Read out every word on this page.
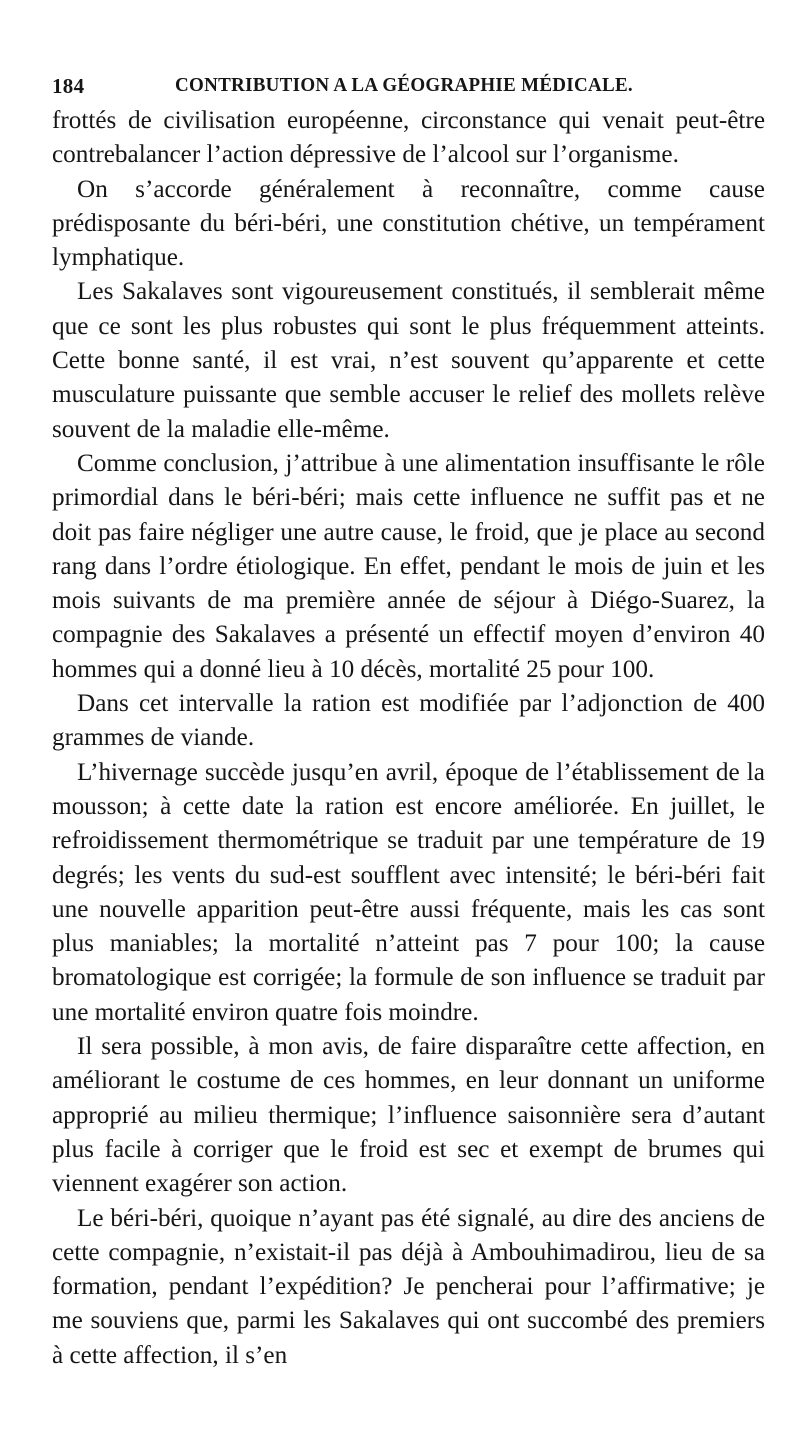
184	CONTRIBUTION A LA GÉOGRAPHIE MÉDICALE.

frottés de civilisation européenne, circonstance qui venait peut-être contrebalancer l’action dépressive de l’alcool sur l’organisme.

On s’accorde généralement à reconnaître, comme cause prédisposante du béri-béri, une constitution chétive, un tempérament lymphatique.

Les Sakalaves sont vigoureusement constitués, il semblerait même que ce sont les plus robustes qui sont le plus fréquemment atteints. Cette bonne santé, il est vrai, n’est souvent qu’apparente et cette musculature puissante que semble accuser le relief des mollets relève souvent de la maladie elle-même.

Comme conclusion, j’attribue à une alimentation insuffisante le rôle primordial dans le béri-béri; mais cette influence ne suffit pas et ne doit pas faire négliger une autre cause, le froid, que je place au second rang dans l’ordre étiologique. En effet, pendant le mois de juin et les mois suivants de ma première année de séjour à Diégo-Suarez, la compagnie des Sakalaves a présenté un effectif moyen d’environ 40 hommes qui a donné lieu à 10 décès, mortalité 25 pour 100.

Dans cet intervalle la ration est modifiée par l’adjonction de 400 grammes de viande.

L’hivernage succède jusqu’en avril, époque de l’établissement de la mousson; à cette date la ration est encore améliorée. En juillet, le refroidissement thermométrique se traduit par une température de 19 degrés; les vents du sud-est soufflent avec intensité; le béri-béri fait une nouvelle apparition peut-être aussi fréquente, mais les cas sont plus maniables; la mortalité n’atteint pas 7 pour 100; la cause bromatologique est corrigée; la formule de son influence se traduit par une mortalité environ quatre fois moindre.

Il sera possible, à mon avis, de faire disparaître cette affection, en améliorant le costume de ces hommes, en leur donnant un uniforme approprié au milieu thermique; l’influence saisonnière sera d’autant plus facile à corriger que le froid est sec et exempt de brumes qui viennent exagérer son action.

Le béri-béri, quoique n’ayant pas été signalé, au dire des anciens de cette compagnie, n’existait-il pas déjà à Ambouhimadirou, lieu de sa formation, pendant l’expédition? Je pencherai pour l’affirmative; je me souviens que, parmi les Sakalaves qui ont succombé des premiers à cette affection, il s’en
